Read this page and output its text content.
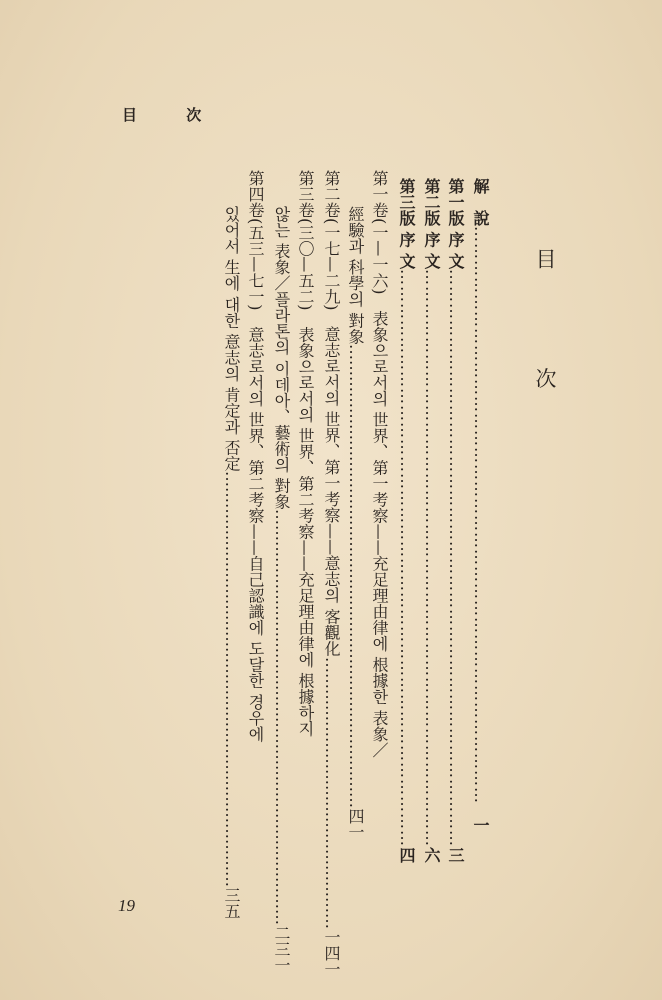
目 次
目 次
解　說
…………………………………………………………………………………………
一
第一版 序 文
…………………………………………………………………………………………
三
第二版 序 文
…………………………………………………………………………………………
六
第三版 序 文
…………………………………………………………………………………………
四
第一卷(一—一六)　表象으로서의 世界、第一考察——充足理由律에 根據한 表象／
經驗과 科學의 對象
……………………………………………………………………………
四一
第二卷(一七—二九)

意志로서의 世界、第一考察——意志의 客觀化
……………………………………………
一四一
第三卷(三〇—五二)　表象으로서의 世界、第二考察——充足理由律에 根據하지
않는 表象／플라톤의 이데아、藝術의 對象
……………………………………………………………………
二三一
第四卷(五三—七一)　意志로서의 世界、第二考察——自己認識에 도달한 경우에
있어서 生에 대한 意志의 肯定과 否定
……………………………………………………………………
三五
19
